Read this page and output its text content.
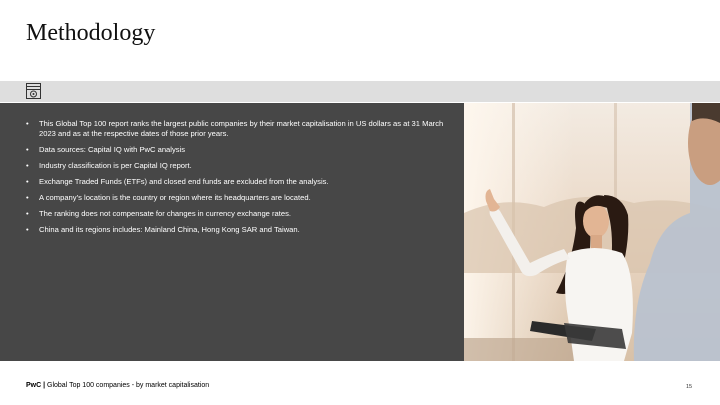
Methodology
• This Global Top 100 report ranks the largest public companies by their market capitalisation in US dollars as at 31 March 2023 and as at the respective dates of those prior years.
• Data sources: Capital IQ with PwC analysis
• Industry classification is per Capital IQ report.
• Exchange Traded Funds (ETFs) and closed end funds are excluded from the analysis.
• A company’s location is the country or region where its headquarters are located.
• The ranking does not compensate for changes in currency exchange rates.
• China and its regions includes: Mainland China, Hong Kong SAR and Taiwan.
PwC | Global Top 100 companies - by market capitalisation	15
